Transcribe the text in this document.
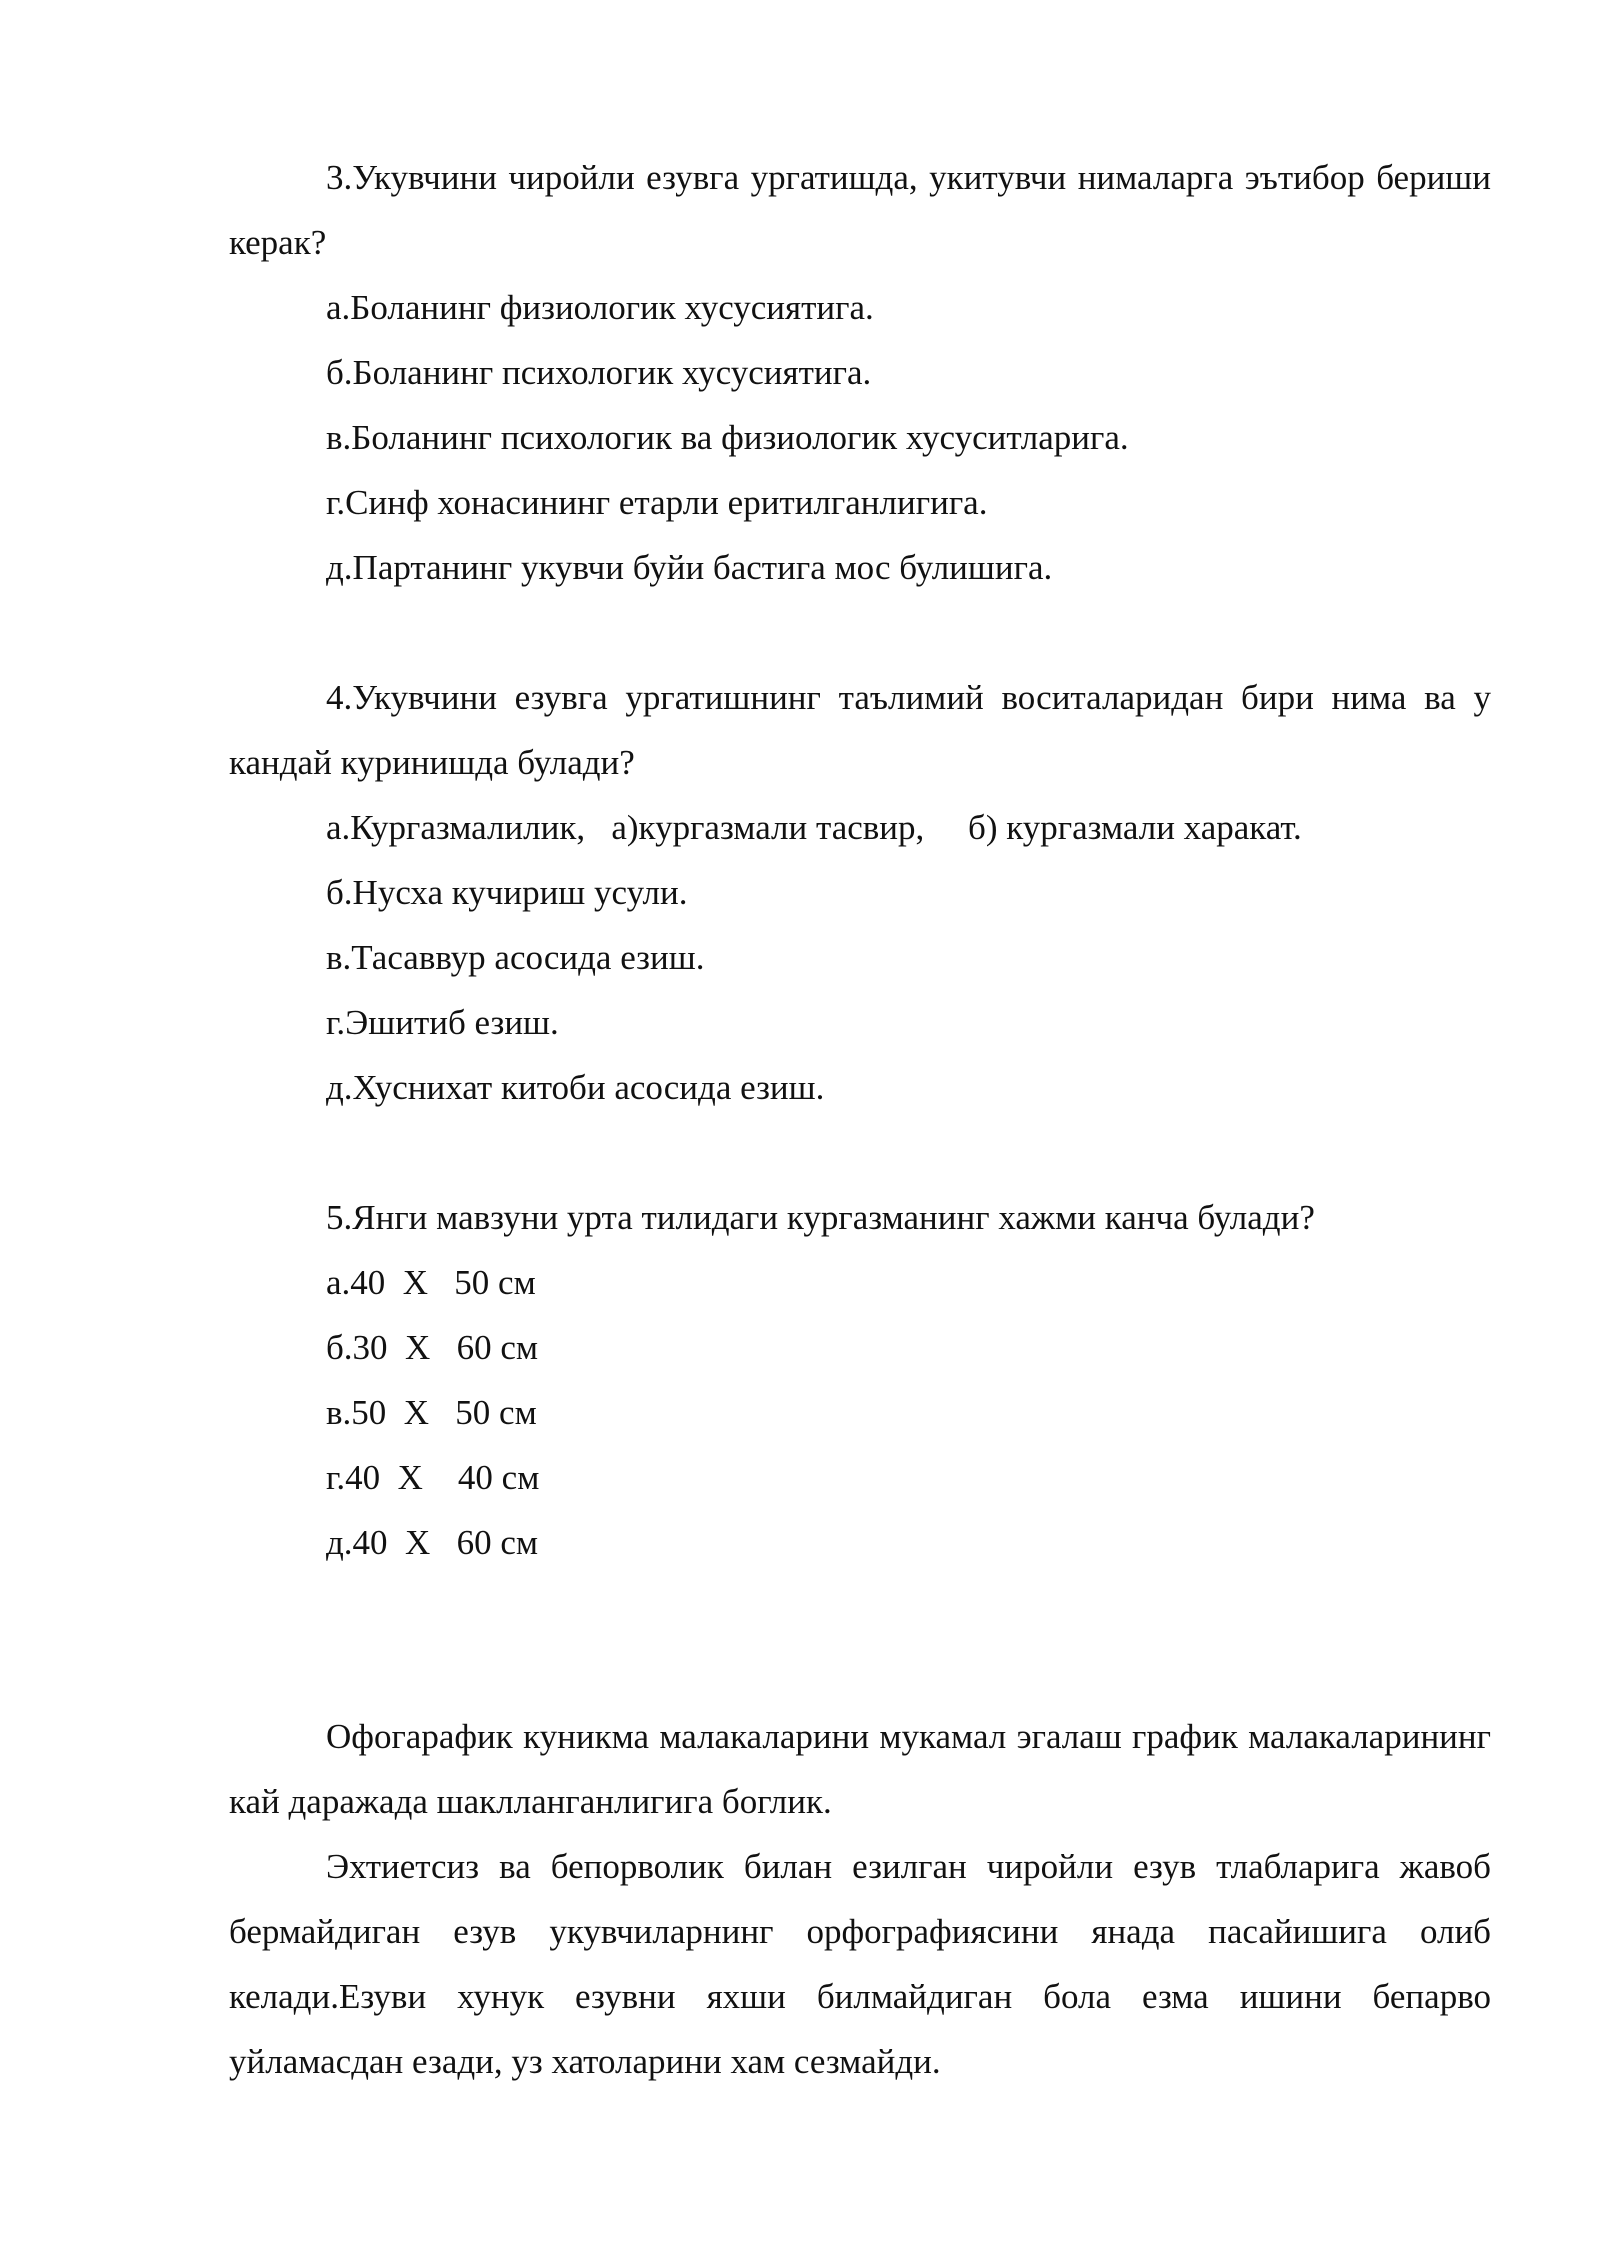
3.Укувчини чиройли езувга ургатишда, укитувчи нималарга эътибор бериши керак?

а.Боланинг физиологик хусусиятига.

б.Боланинг психологик хусусиятига.

в.Боланинг психологик ва физиологик хусуситларига.

г.Синф хонасининг етарли еритилганлигига.

д.Партанинг укувчи буйи бастига мос булишига.

4.Укувчини езувга ургатишнинг таълимий воситаларидан бири нима ва у кандай куринишда булади?

а.Кургазмалилик,   а)кургазмали тасвир,     б) кургазмали харакат.

б.Нусха кучириш усули.

в.Тасаввур асосида езиш.

г.Эшитиб езиш.

д.Хуснихат китоби асосида езиш.

5.Янги мавзуни урта тилидаги кургазманинг хажми канча булади?

а.40  Х   50 см

б.30  Х   60 см

в.50  Х   50 см

г.40  Х    40 см

д.40  Х   60 см

Офогарафик куникма малакаларини мукамал эгалаш график малакаларининг кай даражада шаклланганлигига боглик.

Эхтиетсиз ва бепорволик билан езилган чиройли езув тлабларига жавоб бермайдиган езув укувчиларнинг орфографиясини янада пасайишига олиб келади.Езуви хунук езувни яхши билмайдиган бола езма ишини бепарво уйламасдан езади, уз хатоларини хам сезмайди.
